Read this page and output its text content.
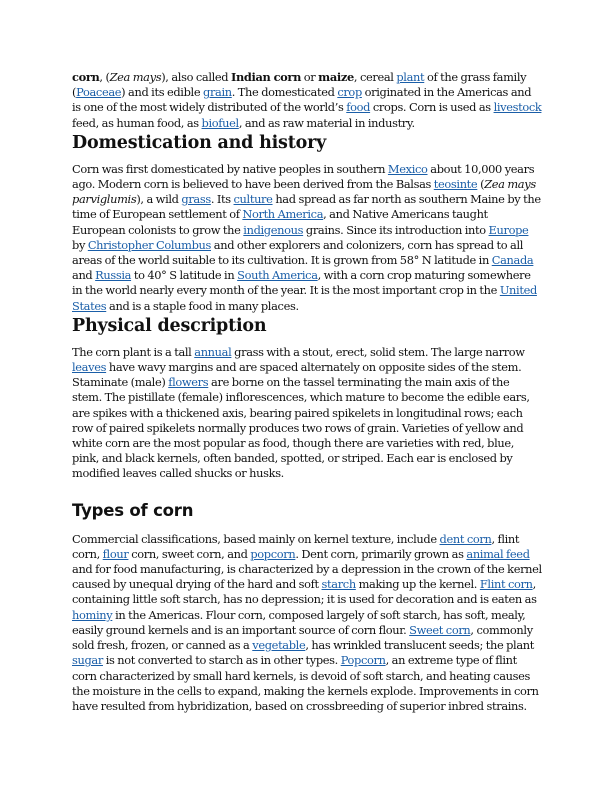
corn, (Zea mays), also called Indian corn or maize, cereal plant of the grass family (Poaceae) and its edible grain. The domesticated crop originated in the Americas and is one of the most widely distributed of the world’s food crops. Corn is used as livestock feed, as human food, as biofuel, and as raw material in industry.

Domestication and history

Corn was first domesticated by native peoples in southern Mexico about 10,000 years ago. Modern corn is believed to have been derived from the Balsas teosinte (Zea mays parviglumis), a wild grass. Its culture had spread as far north as southern Maine by the time of European settlement of North America, and Native Americans taught European colonists to grow the indigenous grains. Since its introduction into Europe by Christopher Columbus and other explorers and colonizers, corn has spread to all areas of the world suitable to its cultivation. It is grown from 58° N latitude in Canada and Russia to 40° S latitude in South America, with a corn crop maturing somewhere in the world nearly every month of the year. It is the most important crop in the United States and is a staple food in many places.

Physical description

The corn plant is a tall annual grass with a stout, erect, solid stem. The large narrow leaves have wavy margins and are spaced alternately on opposite sides of the stem. Staminate (male) flowers are borne on the tassel terminating the main axis of the stem. The pistillate (female) inflorescences, which mature to become the edible ears, are spikes with a thickened axis, bearing paired spikelets in longitudinal rows; each row of paired spikelets normally produces two rows of grain. Varieties of yellow and white corn are the most popular as food, though there are varieties with red, blue, pink, and black kernels, often banded, spotted, or striped. Each ear is enclosed by modified leaves called shucks or husks.

Types of corn

Commercial classifications, based mainly on kernel texture, include dent corn, flint corn, flour corn, sweet corn, and popcorn. Dent corn, primarily grown as animal feed and for food manufacturing, is characterized by a depression in the crown of the kernel caused by unequal drying of the hard and soft starch making up the kernel. Flint corn, containing little soft starch, has no depression; it is used for decoration and is eaten as hominy in the Americas. Flour corn, composed largely of soft starch, has soft, mealy, easily ground kernels and is an important source of corn flour. Sweet corn, commonly sold fresh, frozen, or canned as a vegetable, has wrinkled translucent seeds; the plant sugar is not converted to starch as in other types. Popcorn, an extreme type of flint corn characterized by small hard kernels, is devoid of soft starch, and heating causes the moisture in the cells to expand, making the kernels explode. Improvements in corn have resulted from hybridization, based on crossbreeding of superior inbred strains.
